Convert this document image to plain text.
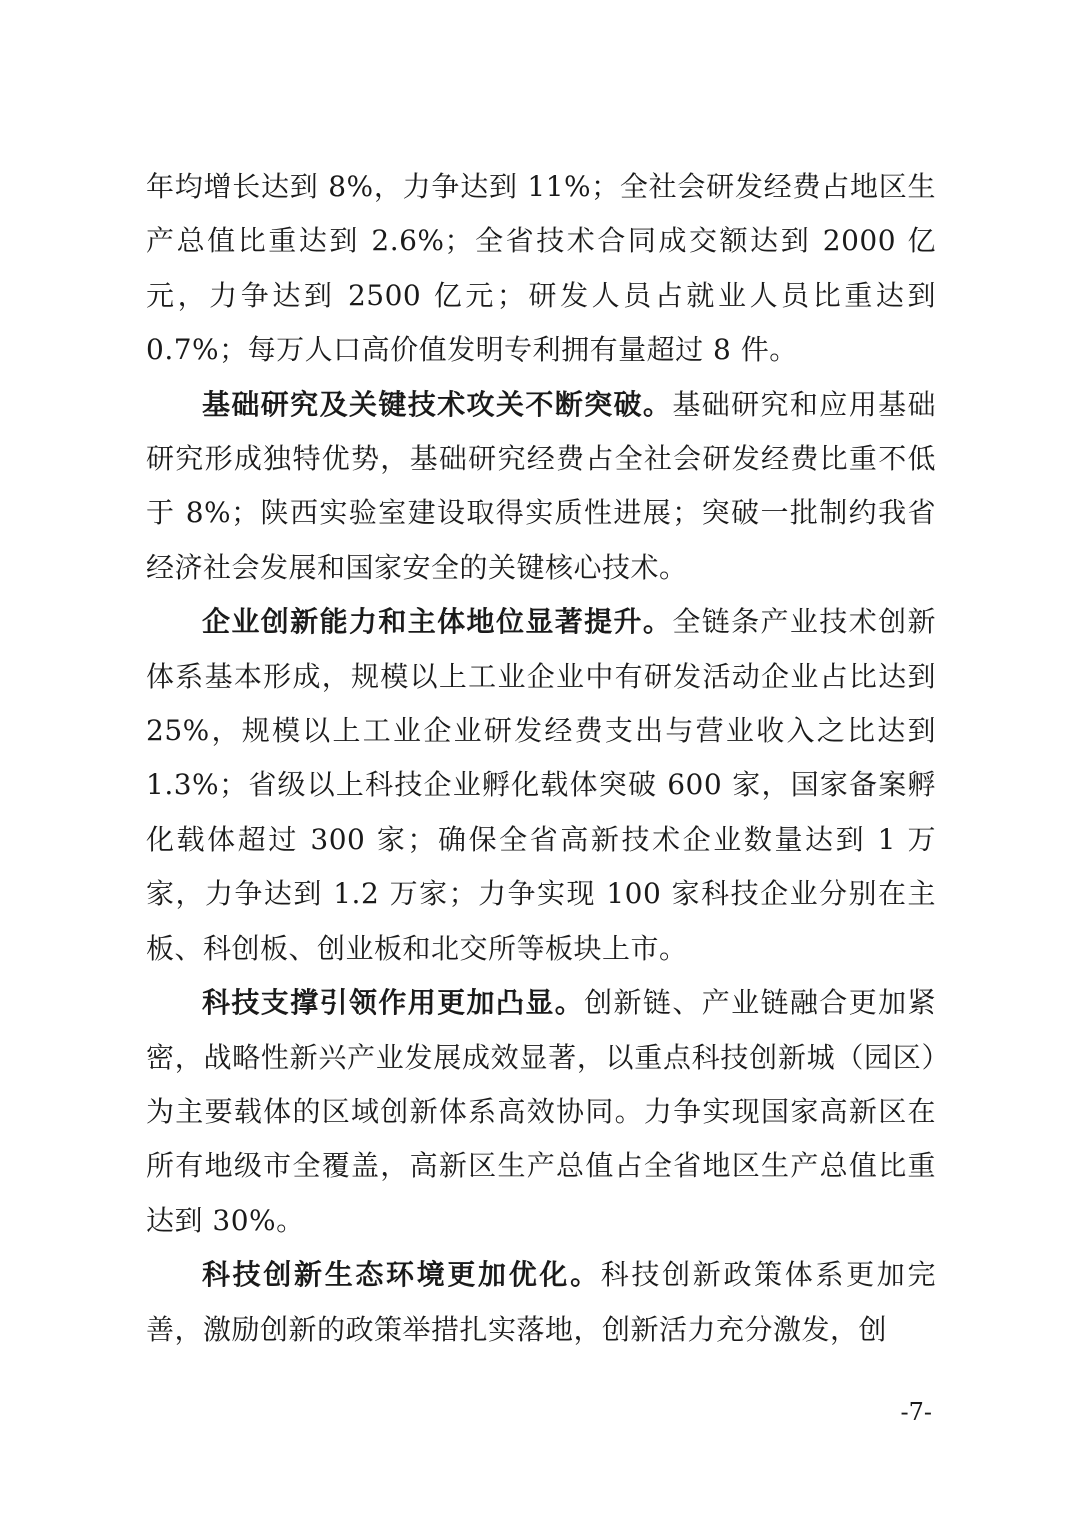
年均增长达到 8%，力争达到 11%；全社会研发经费占地区生产总值比重达到 2.6%；全省技术合同成交额达到 2000 亿元，力争达到 2500 亿元；研发人员占就业人员比重达到 0.7%；每万人口高价值发明专利拥有量超过 8 件。

基础研究及关键技术攻关不断突破。基础研究和应用基础研究形成独特优势，基础研究经费占全社会研发经费比重不低于 8%；陕西实验室建设取得实质性进展；突破一批制约我省经济社会发展和国家安全的关键核心技术。

企业创新能力和主体地位显著提升。全链条产业技术创新体系基本形成，规模以上工业企业中有研发活动企业占比达到 25%，规模以上工业企业研发经费支出与营业收入之比达到 1.3%；省级以上科技企业孵化载体突破 600 家，国家备案孵化载体超过 300 家；确保全省高新技术企业数量达到 1 万家，力争达到 1.2 万家；力争实现 100 家科技企业分别在主板、科创板、创业板和北交所等板块上市。

科技支撑引领作用更加凸显。创新链、产业链融合更加紧密，战略性新兴产业发展成效显著，以重点科技创新城（园区）为主要载体的区域创新体系高效协同。力争实现国家高新区在所有地级市全覆盖，高新区生产总值占全省地区生产总值比重达到 30%。

科技创新生态环境更加优化。科技创新政策体系更加完善，激励创新的政策举措扎实落地，创新活力充分激发，创

-7-
